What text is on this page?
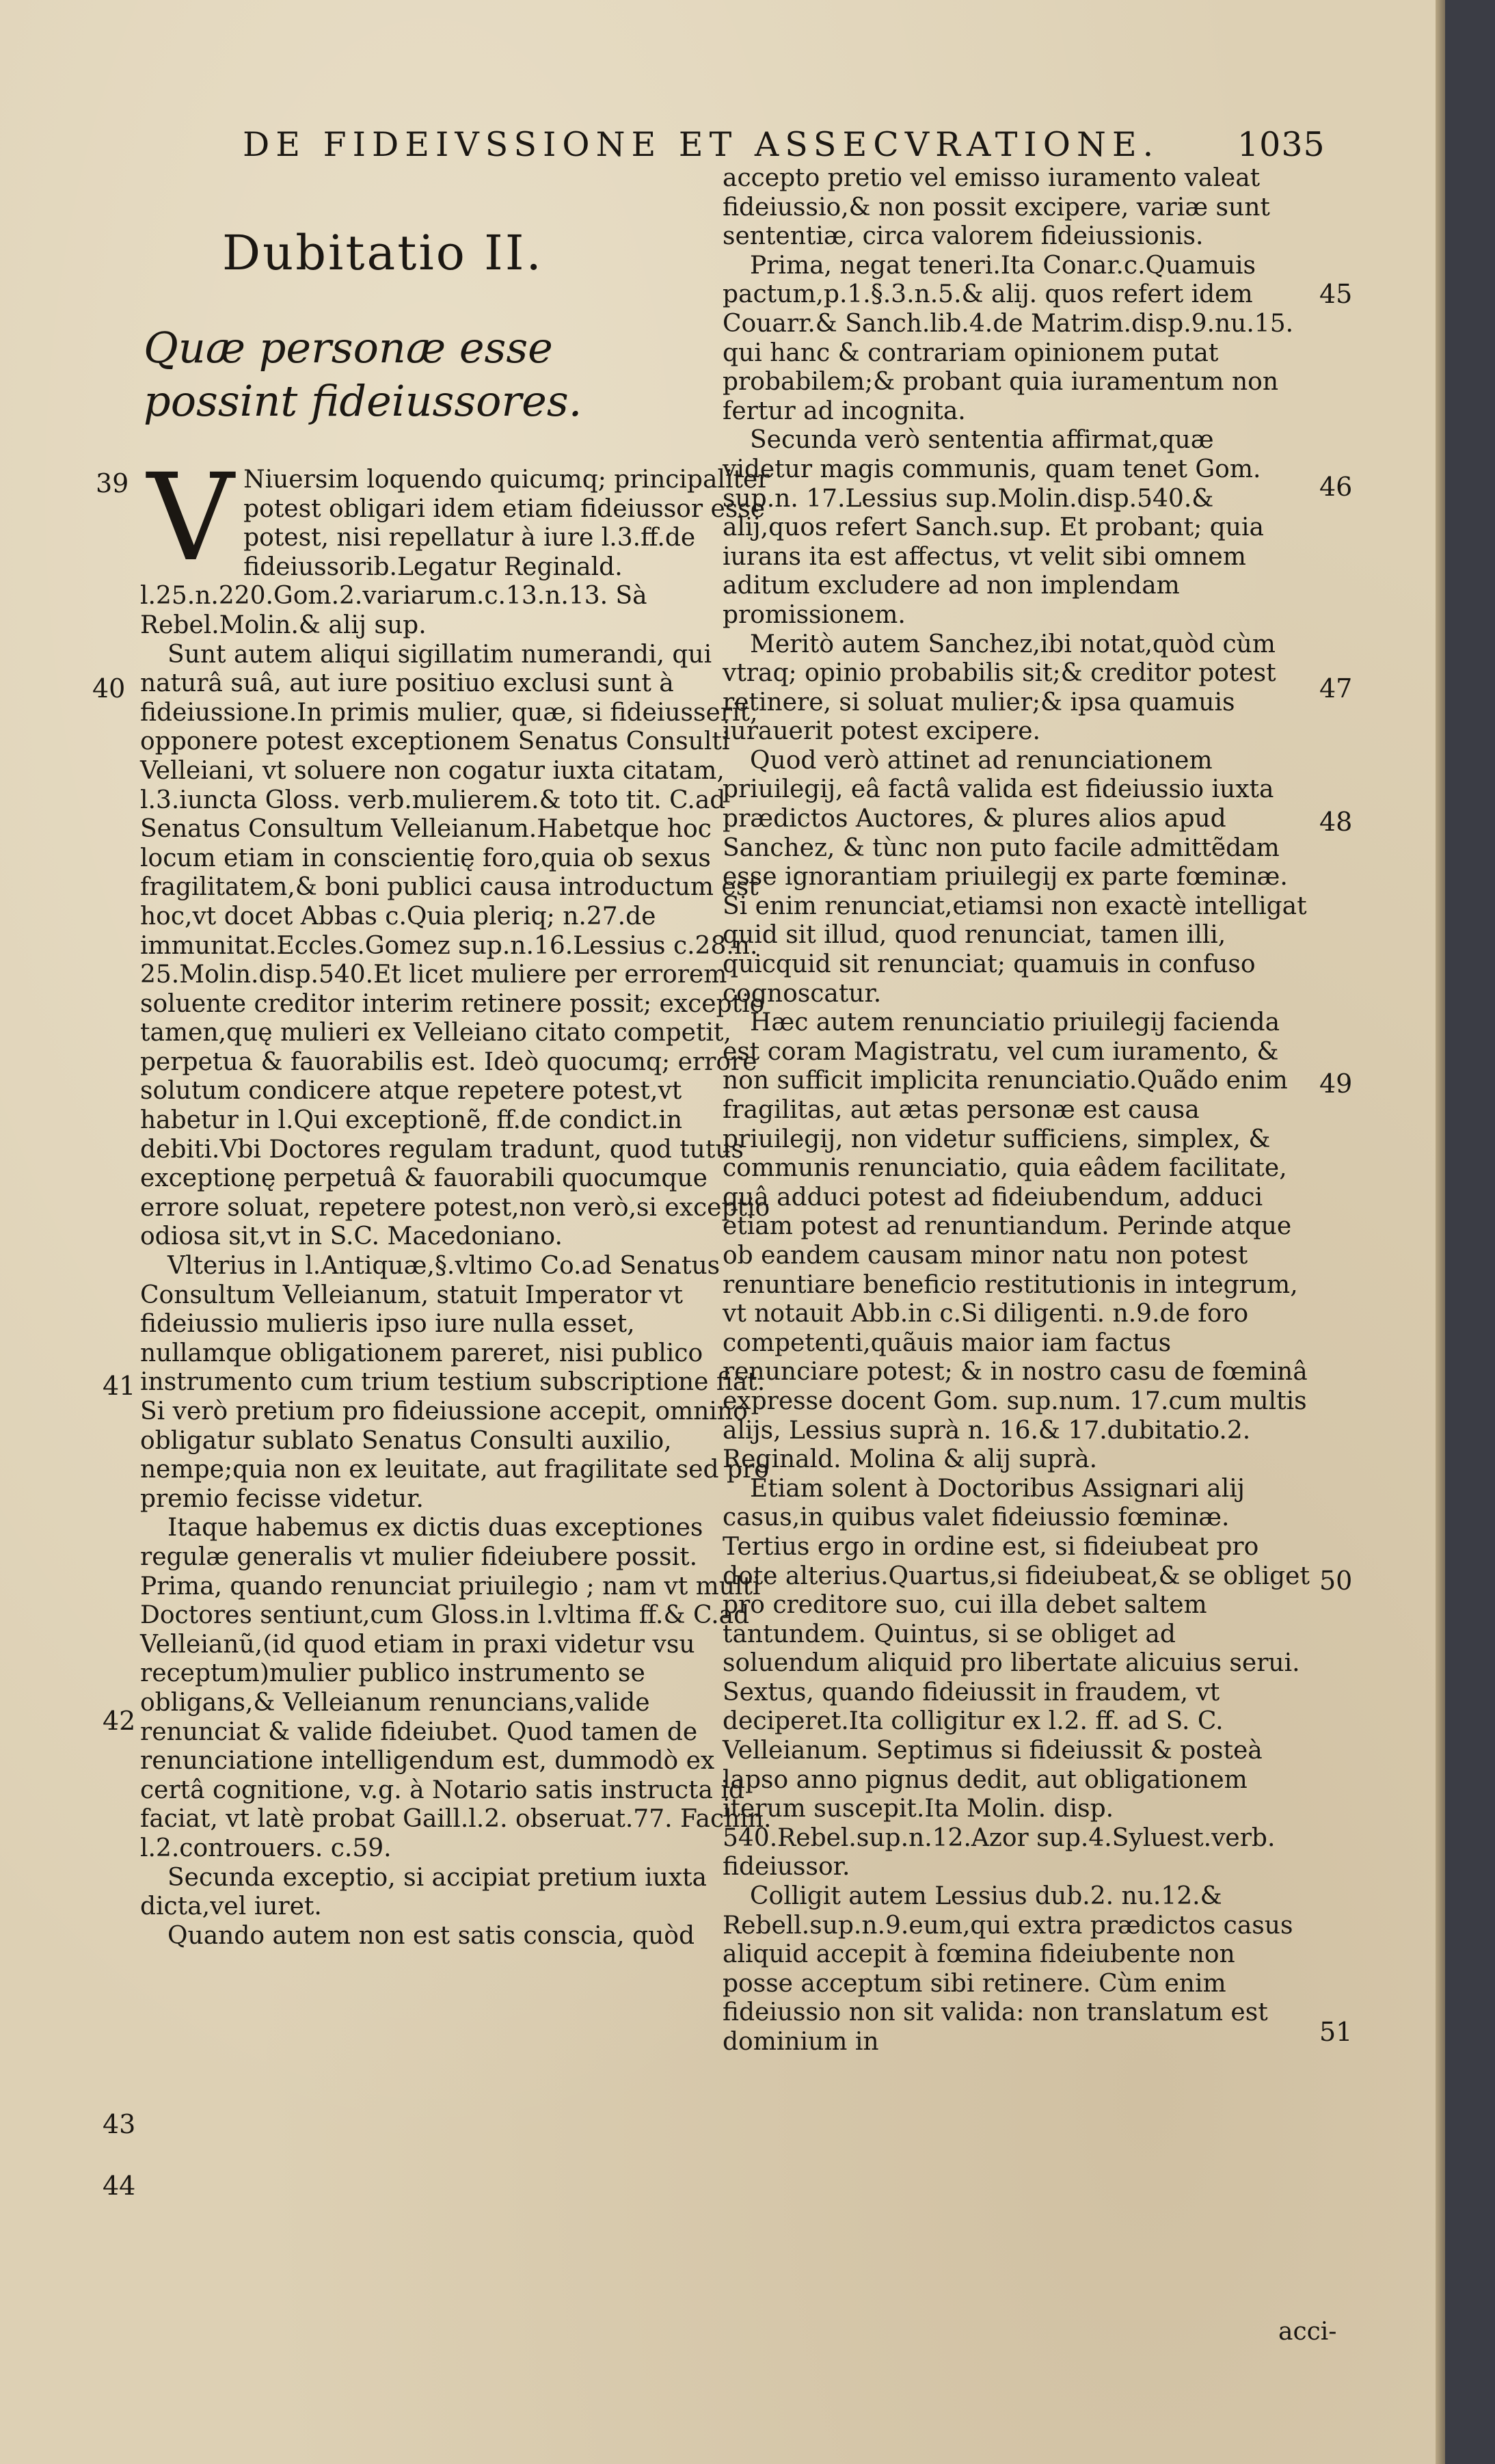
DE FIDEIVSSIONE ET ASSECVRATIONE. 1035
Dubitatio II.
Quæ personæ esse possint fideiussores.
V Niuersim loquendo quicumq; principaliter potest obligari idem etiam fideiussor esse potest, nisi repellatur à iure l.3.ff.de fideiussorib.Legatur Reginald. l.25.n.220.Gom.2.variarum.c.13.n.13. Sà Rebel.Molin.& alij sup.
Sunt autem aliqui sigillatim numerandi, qui naturâ suâ, aut iure positiuo exclusi sunt à fideiussione.In primis mulier, quæ, si fideiusserit, opponere potest exceptionem Senatus Consulti Velleiani, vt soluere non cogatur iuxta citatam, l.3.iuncta Gloss. verb.mulierem.& toto tit. C.ad Senatus Consultum Velleianum.Habetque hoc locum etiam in conscientię foro,quia ob sexus fragilitatem,& boni publici causa introductum est hoc,vt docet Abbas c.Quia pleriq; n.27.de immunitat.Eccles.Gomez sup.n.16.Lessius c.28.n. 25.Molin.disp.540.Et licet muliere per errorem soluente creditor interim retinere possit; exceptio tamen,quę mulieri ex Velleiano citato competit, perpetua & fauorabilis est. Ideò quocumq; errore solutum condicere atque repetere potest,vt habetur in l.Qui exceptionẽ, ff.de condict.in debiti.Vbi Doctores regulam tradunt, quod tutus exceptionę perpetuâ & fauorabili quocumque errore soluat, repetere potest,non verò,si exceptio odiosa sit,vt in S.C. Macedoniano.
Vlterius in l.Antiquæ,§.vltimo Co.ad Senatus Consultum Velleianum, statuit Imperator vt fideiussio mulieris ipso iure nulla esset, nullamque obligationem pareret, nisi publico instrumento cum trium testium subscriptione fiat. Si verò pretium pro fideiussione accepit, omnino obligatur sublato Senatus Consulti auxilio, nempe;quia non ex leuitate, aut fragilitate sed pro premio fecisse videtur.
Itaque habemus ex dictis duas exceptiones regulæ generalis vt mulier fideiubere possit. Prima, quando renunciat priuilegio ; nam vt multi Doctores sentiunt,cum Gloss.in l.vltima ff.& C.ad Velleianũ,(id quod etiam in praxi videtur vsu receptum)mulier publico instrumento se obligans,& Velleianum renuncians,valide renunciat & valide fideiubet. Quod tamen de renunciatione intelligendum est, dummodò ex certâ cognitione, v.g. à Notario satis instructa id faciat, vt latè probat Gaill.l.2. obseruat.77. Fachin. l.2.controuers. c.59.
Secunda exceptio, si accipiat pretium iuxta dicta,vel iuret.
Quando autem non est satis conscia, quòd
39
40
41
42
43
44
accepto pretio vel emisso iuramento valeat fideiussio,& non possit excipere, variæ sunt sententiæ, circa valorem fideiussionis.
Prima, negat teneri.Ita Conar.c.Quamuis pactum,p.1.§.3.n.5.& alij. quos refert idem Couarr.& Sanch.lib.4.de Matrim.disp.9.nu.15. qui hanc & contrariam opinionem putat probabilem;& probant quia iuramentum non fertur ad incognita.
Secunda verò sententia affirmat,quæ videtur magis communis, quam tenet Gom. sup.n. 17.Lessius sup.Molin.disp.540.& alij,quos refert Sanch.sup. Et probant; quia iurans ita est affectus, vt velit sibi omnem aditum excludere ad non implendam promissionem.
Meritò autem Sanchez,ibi notat,quòd cùm vtraq; opinio probabilis sit;& creditor potest retinere, si soluat mulier;& ipsa quamuis iurauerit potest excipere.
Quod verò attinet ad renunciationem priuilegij, eâ factâ valida est fideiussio iuxta prædictos Auctores, & plures alios apud Sanchez, & tùnc non puto facile admittẽdam esse ignorantiam priuilegij ex parte fœminæ. Si enim renunciat,etiamsi non exactè intelligat quid sit illud, quod renunciat, tamen illi, quicquid sit renunciat; quamuis in confuso cognoscatur.
Hæc autem renunciatio priuilegij facienda est coram Magistratu, vel cum iuramento, & non sufficit implicita renunciatio.Quãdo enim fragilitas, aut ætas personæ est causa priuilegij, non videtur sufficiens, simplex, & communis renunciatio, quia eâdem facilitate, quâ adduci potest ad fideiubendum, adduci etiam potest ad renuntiandum. Perinde atque ob eandem causam minor natu non potest renuntiare beneficio restitutionis in integrum, vt notauit Abb.in c.Si diligenti. n.9.de foro competenti,quãuis maior iam factus renunciare potest; & in nostro casu de fœminâ expresse docent Gom. sup.num. 17.cum multis alijs, Lessius suprà n. 16.& 17.dubitatio.2. Reginald. Molina & alij suprà.
Etiam solent à Doctoribus Assignari alij casus,in quibus valet fideiussio fœminæ. Tertius ergo in ordine est, si fideiubeat pro dote alterius.Quartus,si fideiubeat,& se obliget pro creditore suo, cui illa debet saltem tantundem. Quintus, si se obliget ad soluendum aliquid pro libertate alicuius serui. Sextus, quando fideiussit in fraudem, vt deciperet.Ita colligitur ex l.2. ff. ad S. C. Velleianum. Septimus si fideiussit & posteà lapso anno pignus dedit, aut obligationem iterum suscepit.Ita Molin. disp. 540.Rebel.sup.n.12.Azor sup.4.Syluest.verb. fideiussor.
Colligit autem Lessius dub.2. nu.12.& Rebell.sup.n.9.eum,qui extra prædictos casus aliquid accepit à fœmina fideiubente non posse acceptum sibi retinere. Cùm enim fideiussio non sit valida: non translatum est dominium in
45
46
47
48
49
50
51
acci-
